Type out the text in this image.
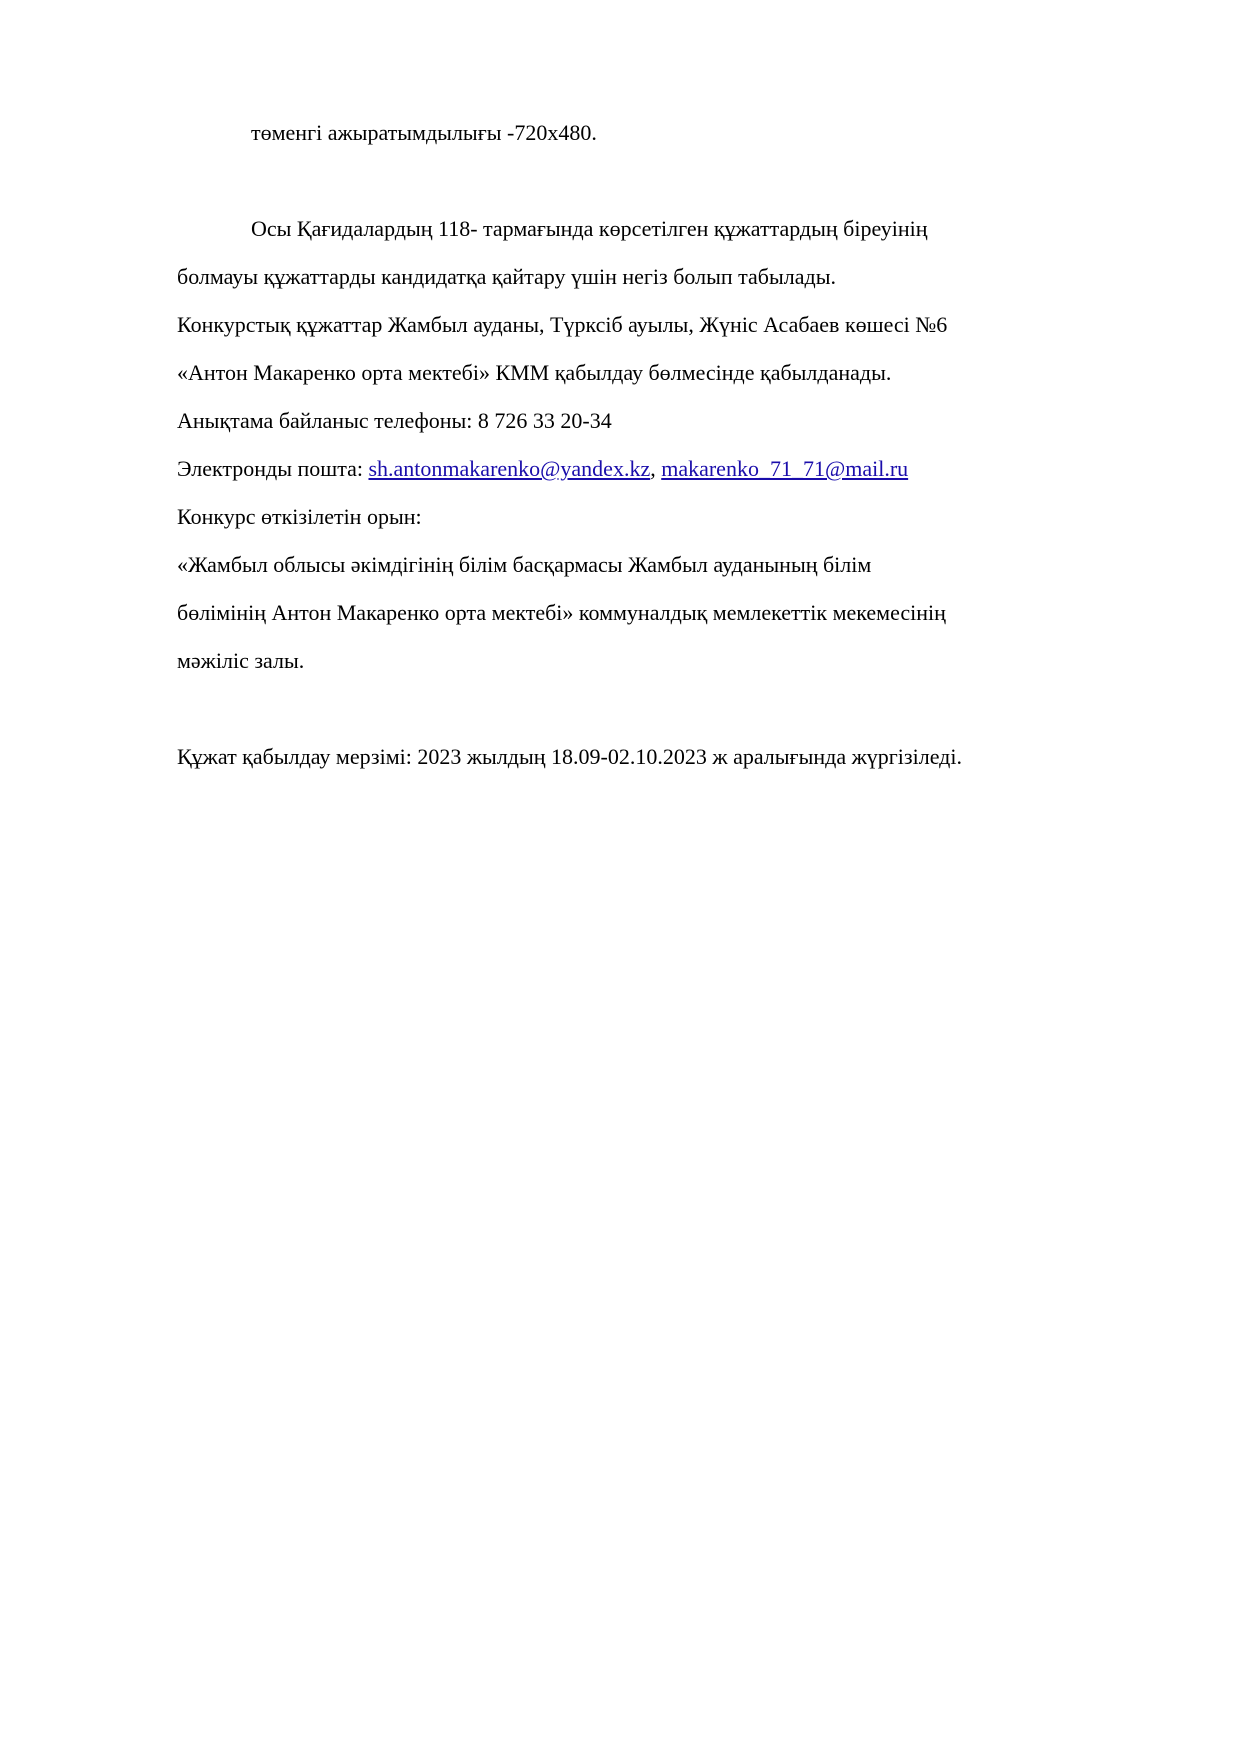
төменгі ажыратымдылығы -720х480.
Осы Қағидалардың 118- тармағында көрсетілген құжаттардың біреуінің
болмауы құжаттарды кандидатқа қайтару үшін негіз болып табылады.
Конкурстық құжаттар Жамбыл ауданы, Түрксіб ауылы, Жүніс Асабаев көшесі №6
«Антон Макаренко орта мектебі» КММ қабылдау бөлмесінде қабылданады.
Анықтама байланыс телефоны: 8 726 33 20-34
Электронды пошта: sh.antonmakarenko@yandex.kz, makarenko_71_71@mail.ru
Конкурс өткізілетін орын:
«Жамбыл облысы әкімдігінің білім басқармасы Жамбыл ауданының білім
бөлімінің Антон Макаренко орта мектебі» коммуналдық мемлекеттік мекемесінің
мәжіліс залы.
Құжат қабылдау мерзімі: 2023 жылдың 18.09-02.10.2023 ж аралығында жүргізіледі.
